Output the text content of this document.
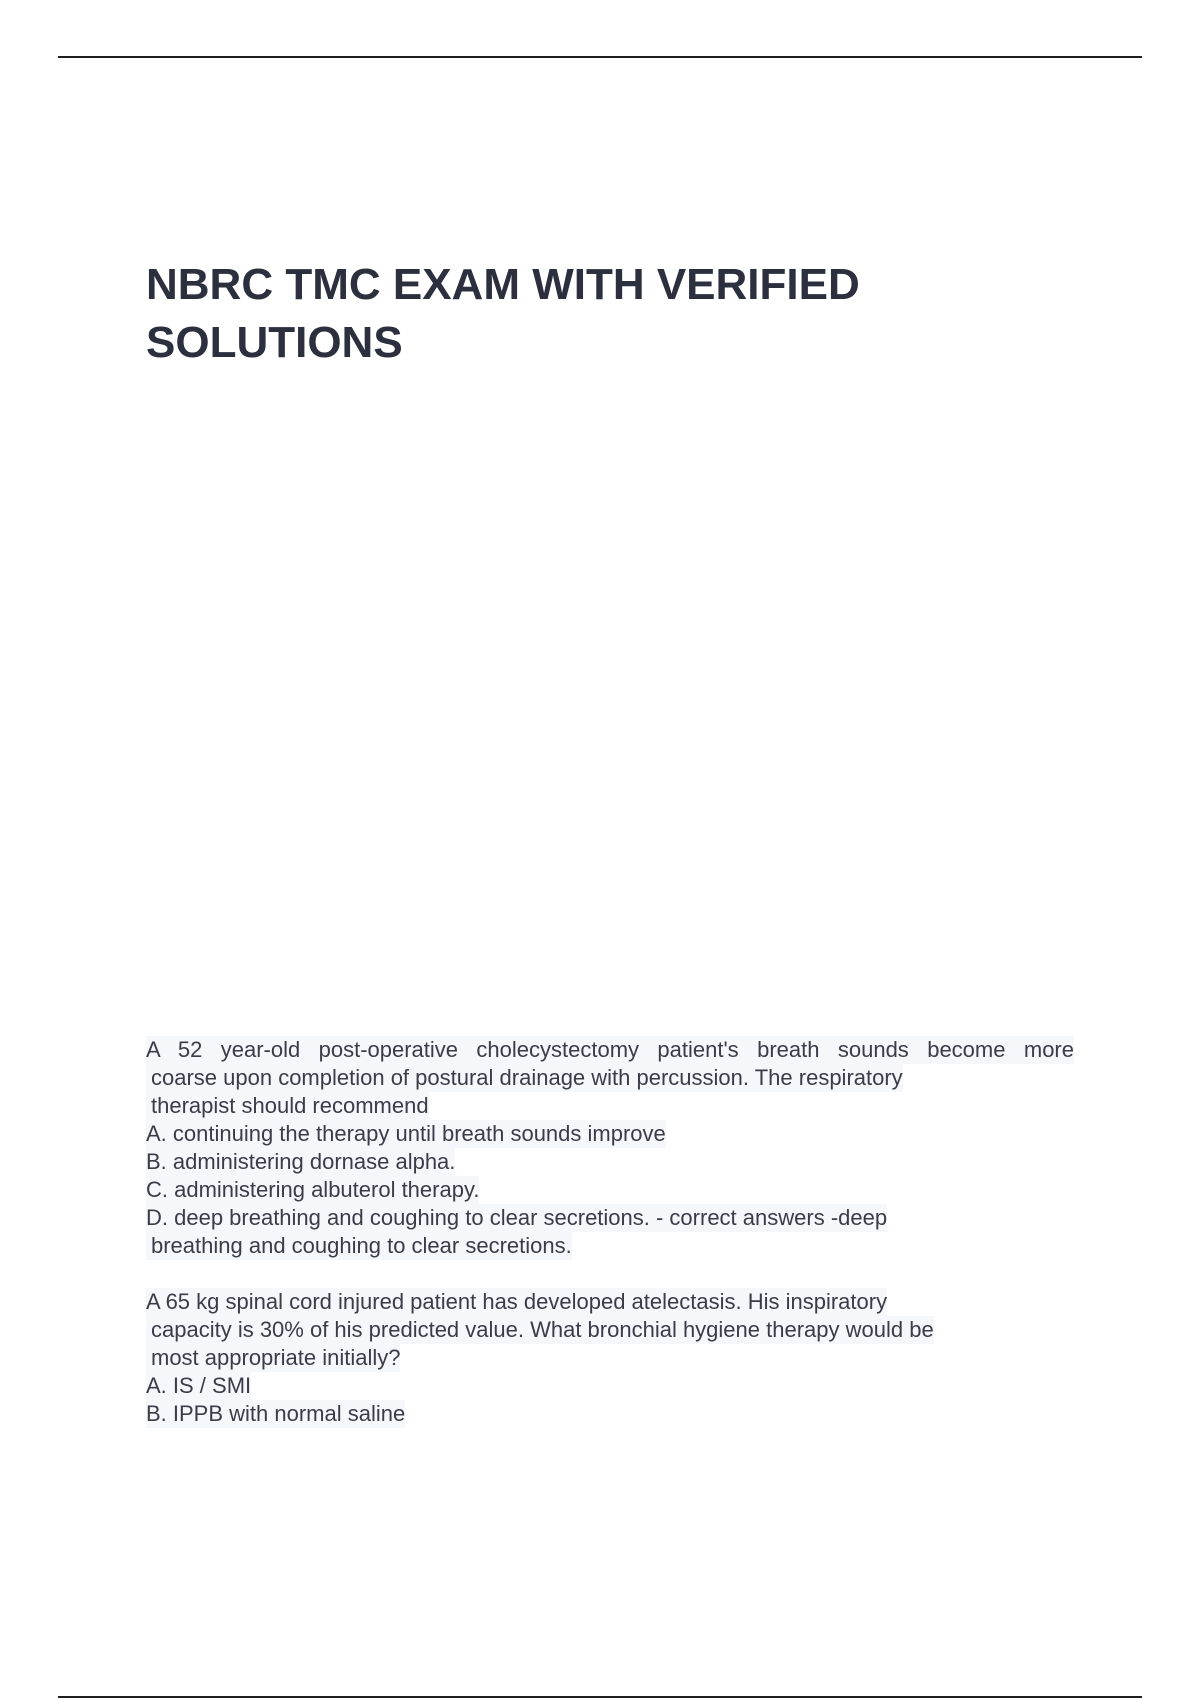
NBRC TMC EXAM WITH VERIFIED
SOLUTIONS
A 52 year-old post-operative cholecystectomy patient's breath sounds become more
coarse upon completion of postural drainage with percussion. The respiratory
therapist should recommend
A. continuing the therapy until breath sounds improve
B. administering dornase alpha.
C. administering albuterol therapy.
D. deep breathing and coughing to clear secretions. - correct answers -deep
breathing and coughing to clear secretions.
A 65 kg spinal cord injured patient has developed atelectasis. His inspiratory
capacity is 30% of his predicted value. What bronchial hygiene therapy would be
most appropriate initially?
A. IS / SMI
B. IPPB with normal saline
